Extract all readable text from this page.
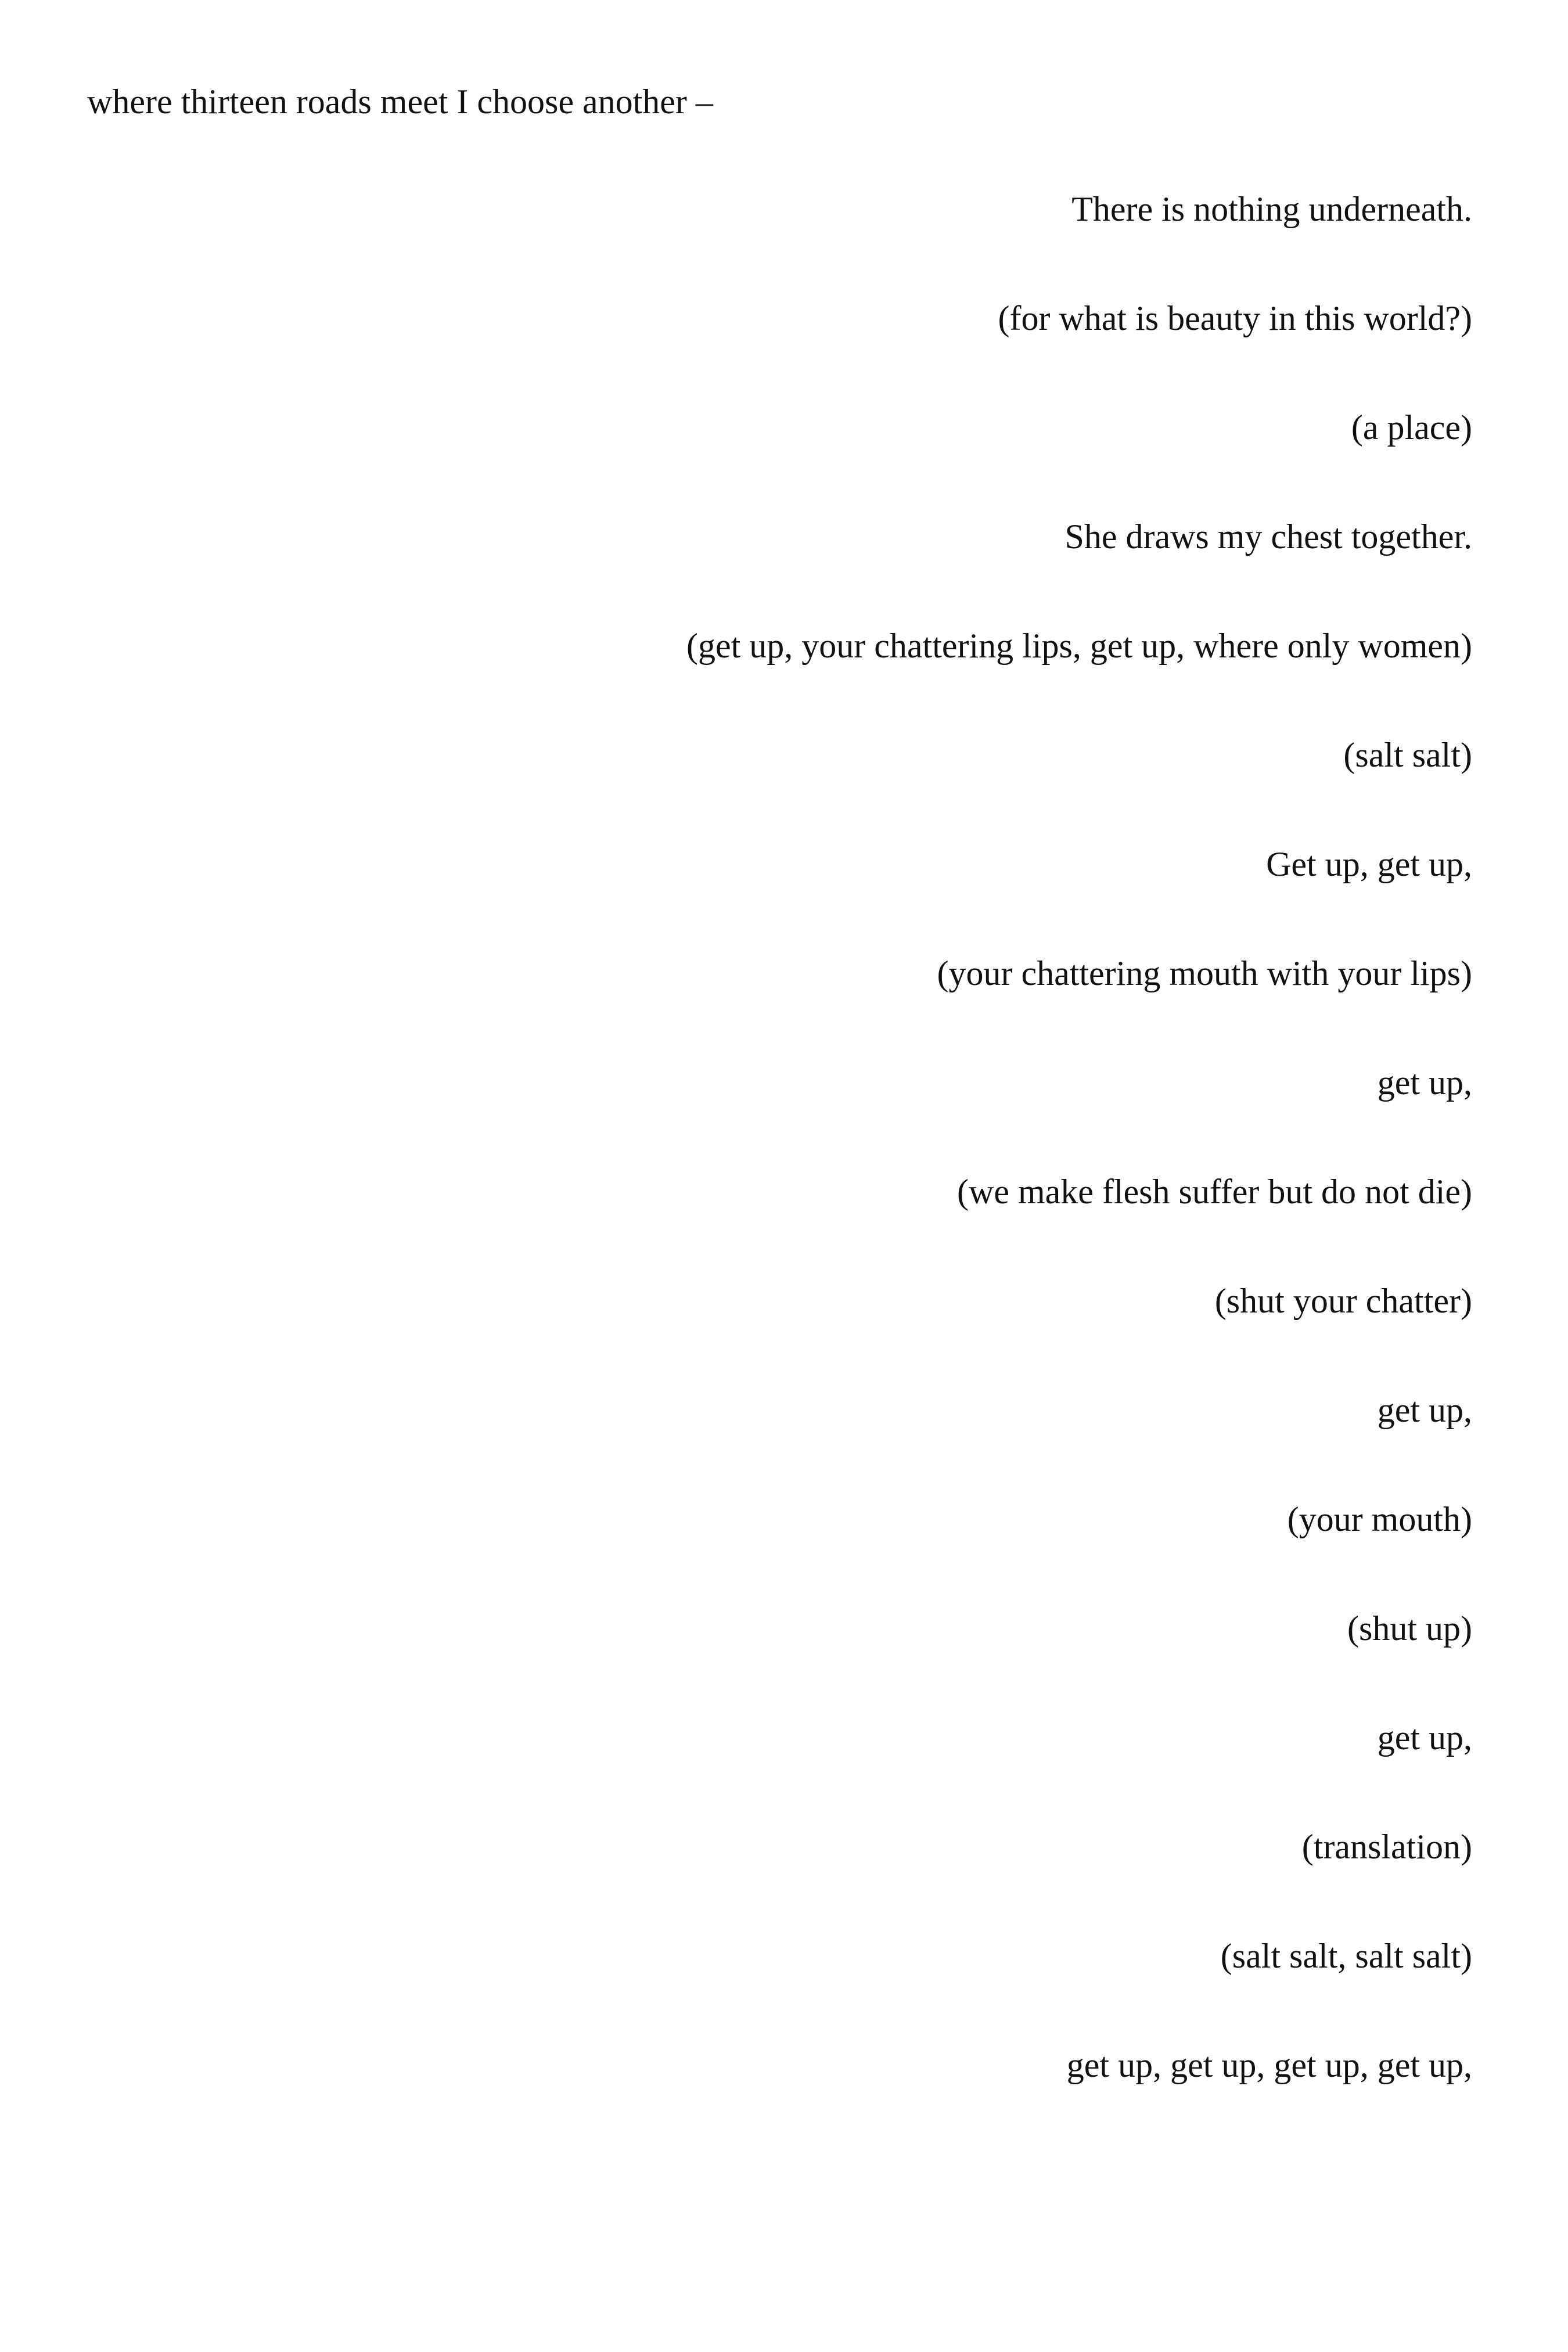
where thirteen roads meet I choose another –
There is nothing underneath.
(for what is beauty in this world?)
(a place)
She draws my chest together.
(get up, your chattering lips, get up, where only women)
(salt salt)
Get up, get up,
(your chattering mouth with your lips)
get up,
(we make flesh suffer but do not die)
(shut your chatter)
get up,
(your mouth)
(shut up)
get up,
(translation)
(salt salt, salt salt)
get up, get up, get up, get up,
